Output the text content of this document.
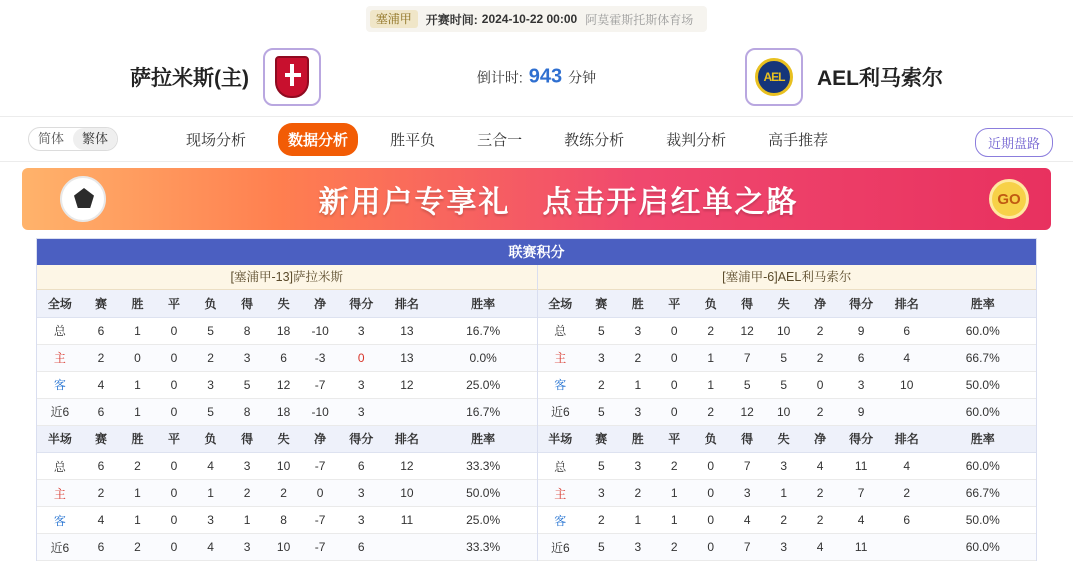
塞浦甲	开赛时间: 2024-10-22 00:00 阿莫霍斯托斯体育场
萨拉米斯(主)	倒计时: 943 分钟	AEL	AEL利马索尔
简体	繁体	现场分析	数据分析	胜平负	三合一	教练分析	裁判分析	高手推荐	近期盘路
新用户专享礼　点击开启红单之路	GO
联赛积分
[塞浦甲-13]萨拉米斯
全场	赛	胜	平	负	得	失	净	得分	排名	胜率
总	6	1	0	5	8	18	-10	3	13	16.7%
主	2	0	0	2	3	6	-3	0	13	0.0%
客	4	1	0	3	5	12	-7	3	12	25.0%
近6	6	1	0	5	8	18	-10	3		16.7%
半场	赛	胜	平	负	得	失	净	得分	排名	胜率
总	6	2	0	4	3	10	-7	6	12	33.3%
主	2	1	0	1	2	2	0	3	10	50.0%
客	4	1	0	3	1	8	-7	3	11	25.0%
近6	6	2	0	4	3	10	-7	6		33.3%
[塞浦甲-6]AEL利马索尔
全场	赛	胜	平	负	得	失	净	得分	排名	胜率
总	5	3	0	2	12	10	2	9	6	60.0%
主	3	2	0	1	7	5	2	6	4	66.7%
客	2	1	0	1	5	5	0	3	10	50.0%
近6	5	3	0	2	12	10	2	9		60.0%
半场	赛	胜	平	负	得	失	净	得分	排名	胜率
总	5	3	2	0	7	3	4	11	4	60.0%
主	3	2	1	0	3	1	2	7	2	66.7%
客	2	1	1	0	4	2	2	4	6	50.0%
近6	5	3	2	0	7	3	4	11		60.0%
